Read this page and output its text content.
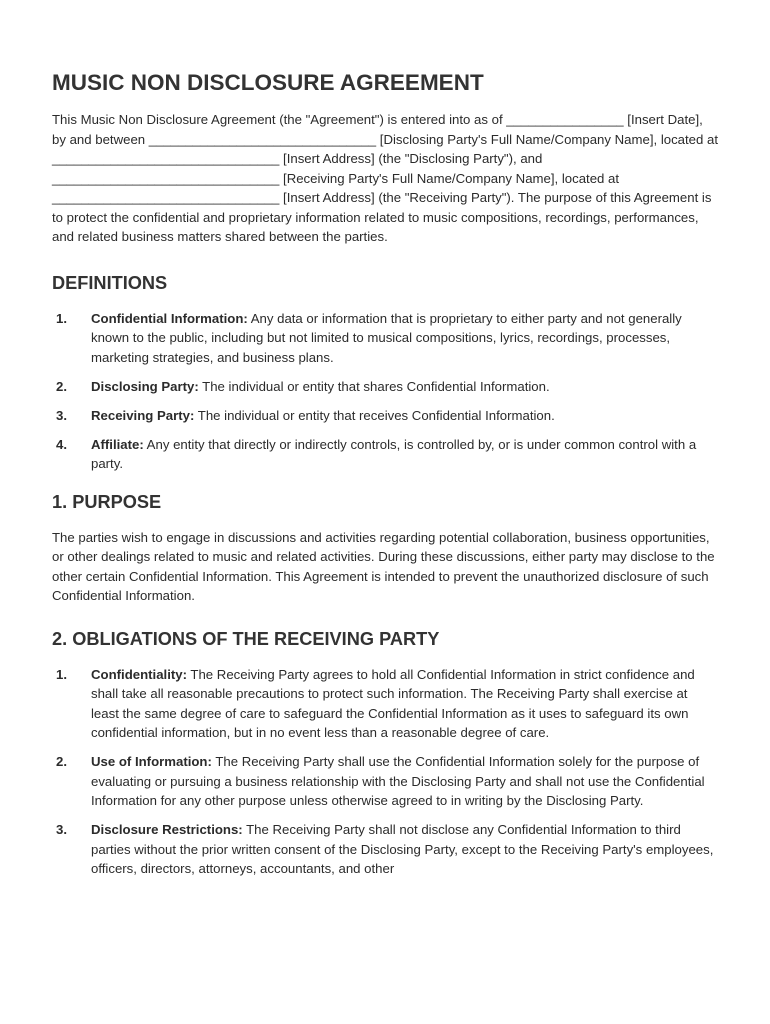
MUSIC NON DISCLOSURE AGREEMENT

This Music Non Disclosure Agreement (the "Agreement") is entered into as of ________________ [Insert Date], by and between _______________________________ [Disclosing Party's Full Name/Company Name], located at _______________________________ [Insert Address] (the "Disclosing Party"), and _______________________________ [Receiving Party's Full Name/Company Name], located at _______________________________ [Insert Address] (the "Receiving Party"). The purpose of this Agreement is to protect the confidential and proprietary information related to music compositions, recordings, performances, and related business matters shared between the parties.

DEFINITIONS
1.	Confidential Information: Any data or information that is proprietary to either party and not generally known to the public, including but not limited to musical compositions, lyrics, recordings, processes, marketing strategies, and business plans.
2.	Disclosing Party: The individual or entity that shares Confidential Information.
3.	Receiving Party: The individual or entity that receives Confidential Information.
4.	Affiliate: Any entity that directly or indirectly controls, is controlled by, or is under common control with a party.
1. PURPOSE

The parties wish to engage in discussions and activities regarding potential collaboration, business opportunities, or other dealings related to music and related activities. During these discussions, either party may disclose to the other certain Confidential Information. This Agreement is intended to prevent the unauthorized disclosure of such Confidential Information.

2. OBLIGATIONS OF THE RECEIVING PARTY
1.	Confidentiality: The Receiving Party agrees to hold all Confidential Information in strict confidence and shall take all reasonable precautions to protect such information. The Receiving Party shall exercise at least the same degree of care to safeguard the Confidential Information as it uses to safeguard its own confidential information, but in no event less than a reasonable degree of care.
2.	Use of Information: The Receiving Party shall use the Confidential Information solely for the purpose of evaluating or pursuing a business relationship with the Disclosing Party and shall not use the Confidential Information for any other purpose unless otherwise agreed to in writing by the Disclosing Party.
3.	Disclosure Restrictions: The Receiving Party shall not disclose any Confidential Information to third parties without the prior written consent of the Disclosing Party, except to the Receiving Party's employees, officers, directors, attorneys, accountants, and other
